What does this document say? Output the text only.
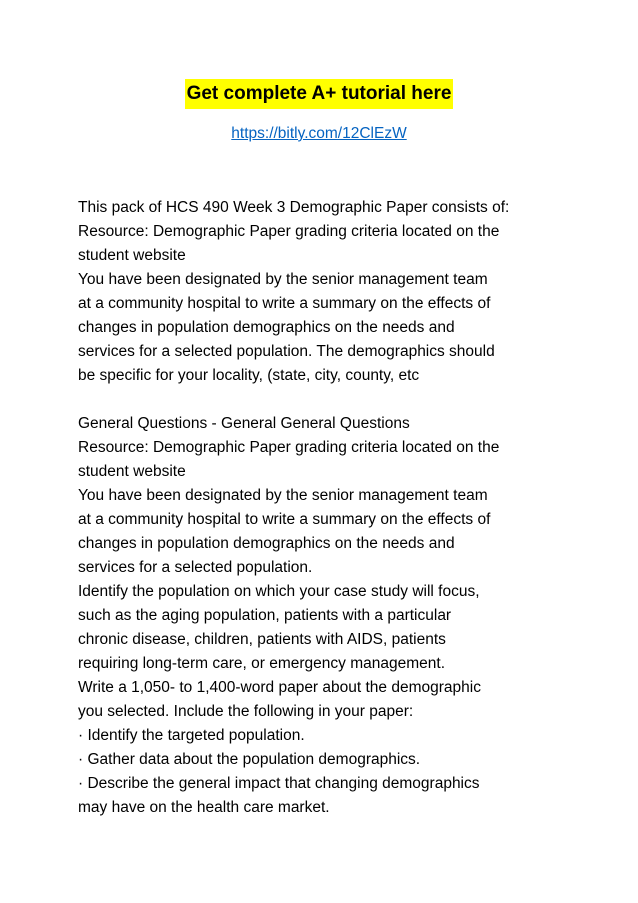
Get complete A+ tutorial here
https://bitly.com/12ClEzW
This pack of HCS 490 Week 3 Demographic Paper consists of:
Resource: Demographic Paper grading criteria located on the
student website
You have been designated by the senior management team
at a community hospital to write a summary on the effects of
changes in population demographics on the needs and
services for a selected population. The demographics should
be specific for your locality, (state, city, county, etc
General Questions - General General Questions
Resource: Demographic Paper grading criteria located on the
student website
You have been designated by the senior management team
at a community hospital to write a summary on the effects of
changes in population demographics on the needs and
services for a selected population.
Identify the population on which your case study will focus,
such as the aging population, patients with a particular
chronic disease, children, patients with AIDS, patients
requiring long-term care, or emergency management.
Write a 1,050- to 1,400-word paper about the demographic
you selected. Include the following in your paper:
· Identify the targeted population.
· Gather data about the population demographics.
· Describe the general impact that changing demographics
may have on the health care market.
